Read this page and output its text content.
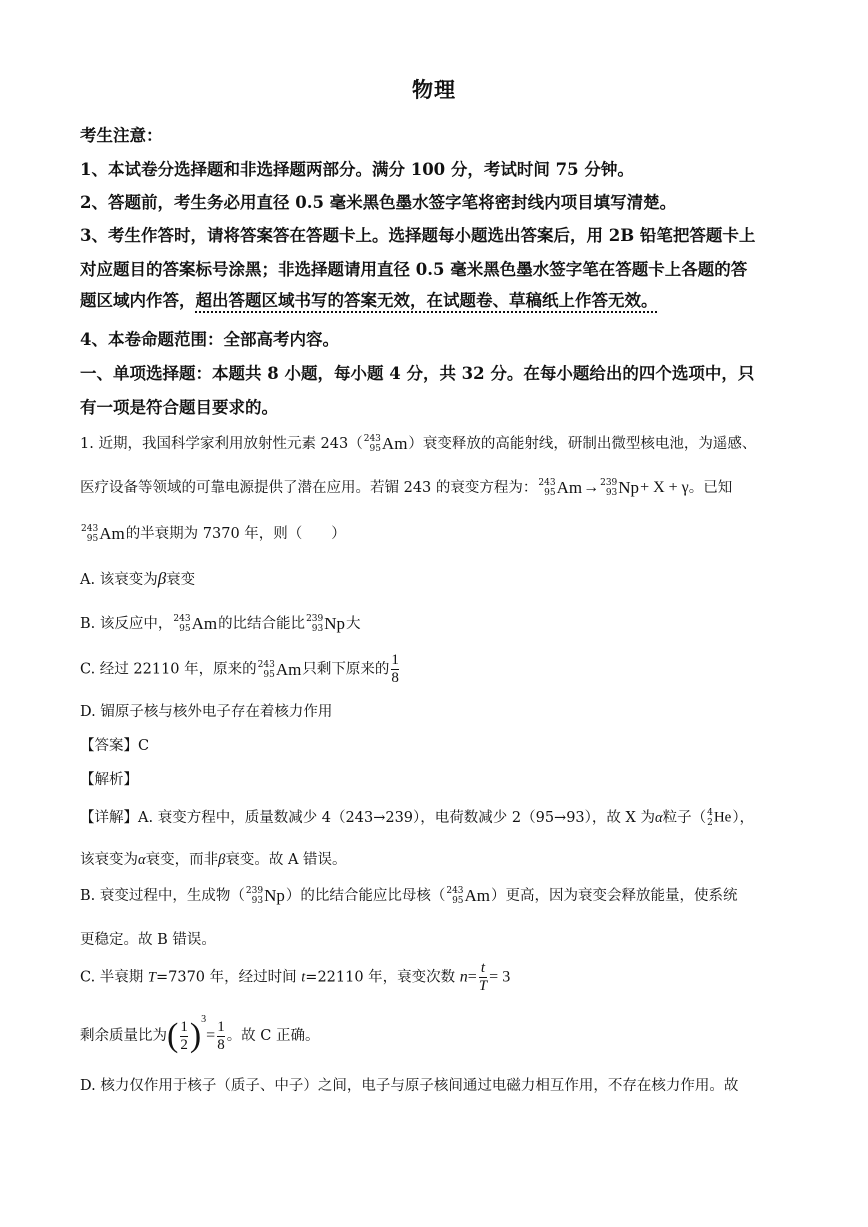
物理
考生注意：
1、本试卷分选择题和非选择题两部分。满分 100 分，考试时间 75 分钟。
2、答题前，考生务必用直径 0.5 毫米黑色墨水签字笔将密封线内项目填写清楚。
3、考生作答时，请将答案答在答题卡上。选择题每小题选出答案后，用 2B 铅笔把答题卡上
对应题目的答案标号涂黑；非选择题请用直径 0.5 毫米黑色墨水签字笔在答题卡上各题的答
题区域内作答，超出答题区域书写的答案无效，在试题卷、草稿纸上作答无效。
4、本卷命题范围：全部高考内容。
一、单项选择题：本题共 8 小题，每小题 4 分，共 32 分。在每小题给出的四个选项中，只
有一项是符合题目要求的。
1. 近期，我国科学家利用放射性元素 243（ 243
95 Am）衰变释放的高能射线，研制出微型核电池，为遥感、
医疗设备等领域的可靠电源提供了潜在应用。若镅 243 的衰变方程为： 243
95 Am→ 239
93 Np+ X + γ。已知
243
95 Am的半衰期为 7370 年，则（　　）
A. 该衰变为β衰变
B. 该反应中， 243
95 Am的比结合能比 239
93 Np大
C. 经过 22110 年，原来的 243
95 Am只剩下原来的 $\frac{1}{8}$
D. 镅原子核与核外电子存在着核力作用
【答案】C
【解析】
【详解】A. 衰变方程中，质量数减少 4（243→239），电荷数减少 2（95→93），故 X 为α粒子（ 4
2 He），
该衰变为α衰变，而非β衰变。故 A 错误。
B. 衰变过程中，生成物（ 239
93 Np）的比结合能应比母核（ 243
95 Am）更高，因为衰变会释放能量，使系统
更稳定。故 B 错误。
C. 半衰期 T=7370 年，经过时间 t=22110 年，衰变次数 $n= \frac{t}{T} = 3$
剩余质量比为( $\frac{1}{2} )^3= \frac{1}{8}$ 。故 C 正确。
D. 核力仅作用于核子（质子、中子）之间，电子与原子核间通过电磁力相互作用，不存在核力作用。故
